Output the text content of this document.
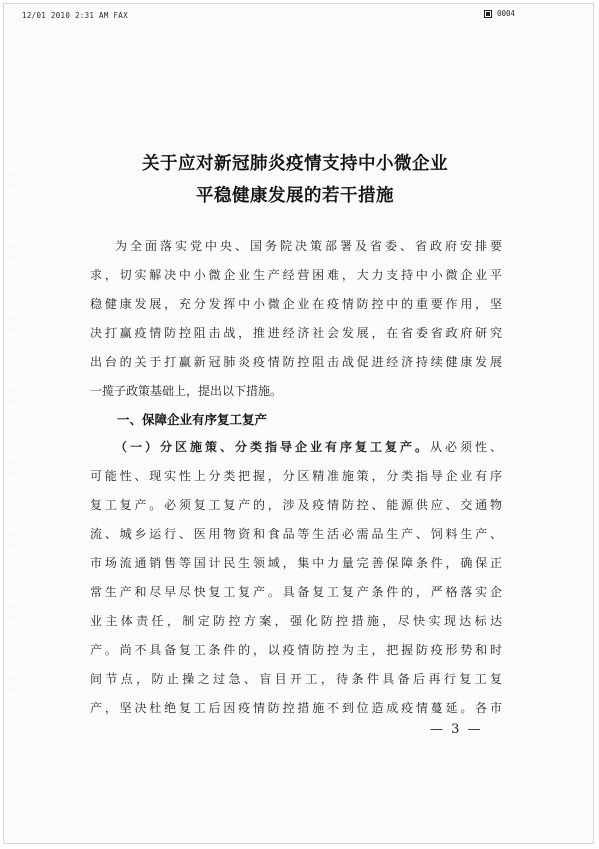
12/01 2010 2:31 AM FAX	0004
关于应对新冠肺炎疫情支持中小微企业
平稳健康发展的若干措施
为全面落实党中央、国务院决策部署及省委、省政府安排要
求，切实解决中小微企业生产经营困难，大力支持中小微企业平
稳健康发展，充分发挥中小微企业在疫情防控中的重要作用，坚
决打赢疫情防控阻击战，推进经济社会发展，在省委省政府研究
出台的关于打赢新冠肺炎疫情防控阻击战促进经济持续健康发展
一揽子政策基础上，提出以下措施。
一、保障企业有序复工复产
（一）分区施策、分类指导企业有序复工复产。从必须性、
可能性、现实性上分类把握，分区精准施策，分类指导企业有序
复工复产。必须复工复产的，涉及疫情防控、能源供应、交通物
流、城乡运行、医用物资和食品等生活必需品生产、饲料生产、
市场流通销售等国计民生领域，集中力量完善保障条件，确保正
常生产和尽早尽快复工复产。具备复工复产条件的，严格落实企
业主体责任，制定防控方案，强化防控措施，尽快实现达标达
产。尚不具备复工条件的，以疫情防控为主，把握防疫形势和时
间节点，防止操之过急、盲目开工，待条件具备后再行复工复
产，坚决杜绝复工后因疫情防控措施不到位造成疫情蔓延。各市
— 3 —
